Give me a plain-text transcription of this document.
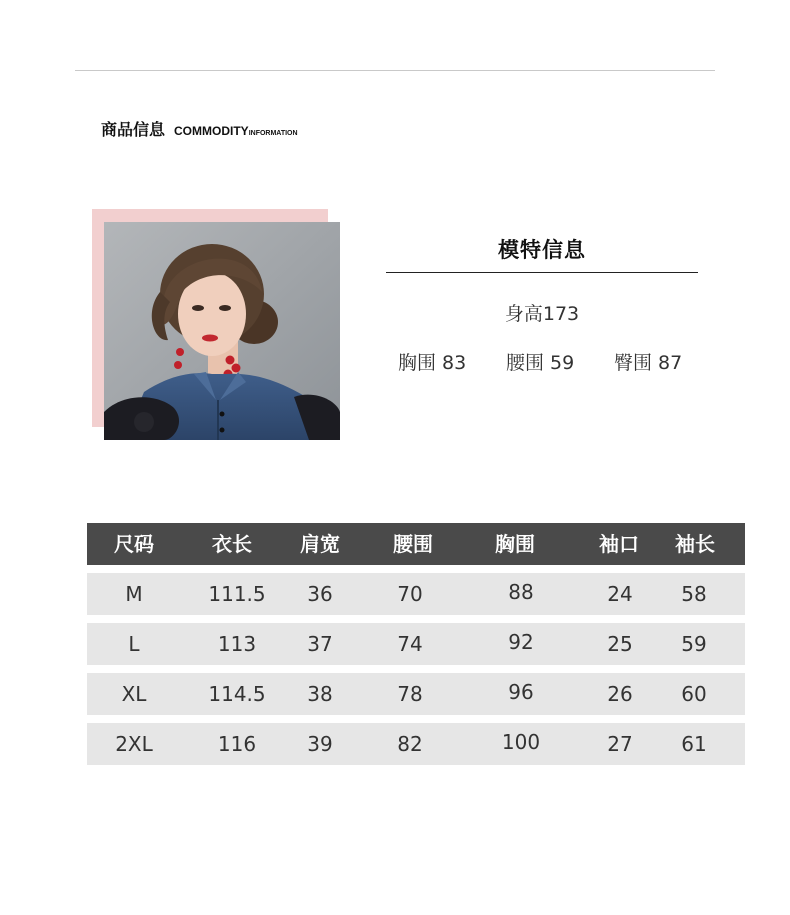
商品信息 COMMODITY INFORMATION
模特信息
身高173
胸围 83 腰围 59 臀围 87
尺码	衣长 肩宽	腰围	胸围	袖口 袖长
M	111.5 36	70	88	24 58
L	113	37	74	92	25 59
XL	114.5 38	78	96	26 60
2XL	116	39	82	100	27 61
